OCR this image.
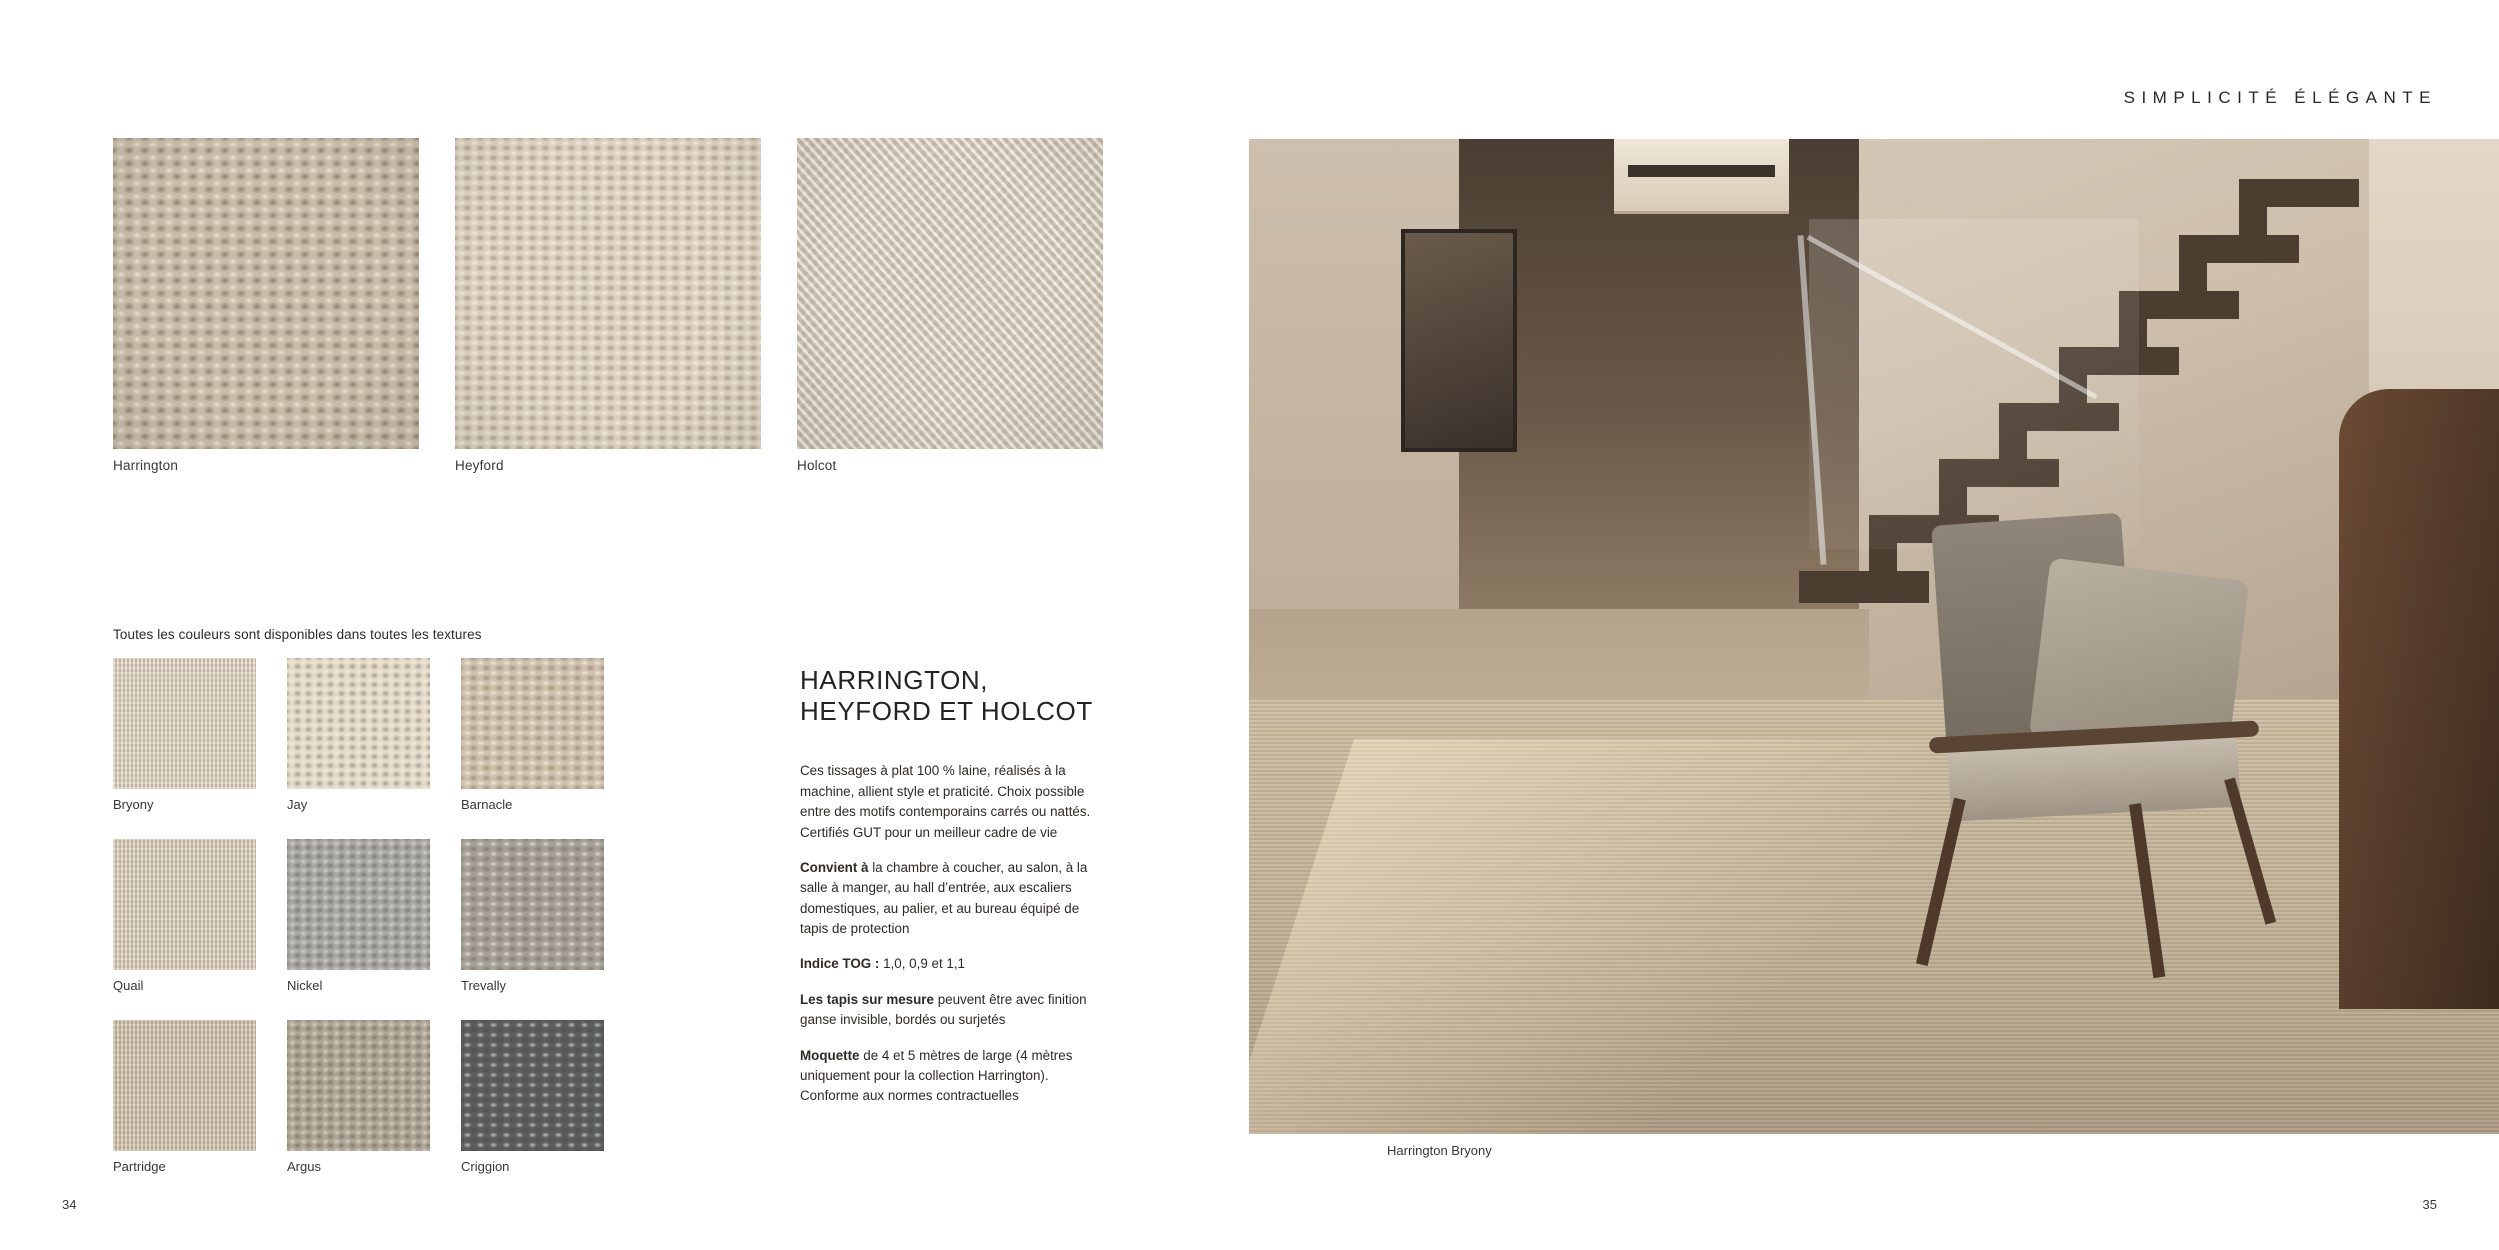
Harrington	Heyford	Holcot
Toutes les couleurs sont disponibles dans toutes les textures
Bryony	Jay	Barnacle
Quail	Nickel	Trevally
Partridge	Argus	Criggion
HARRINGTON, HEYFORD ET HOLCOT

Ces tissages à plat 100 % laine, réalisés à la machine, allient style et praticité. Choix possible entre des motifs contemporains carrés ou nattés. Certifiés GUT pour un meilleur cadre de vie

Convient à la chambre à coucher, au salon, à la salle à manger, au hall d’entrée, aux escaliers domestiques, au palier, et au bureau équipé de tapis de protection

Indice TOG : 1,0, 0,9 et 1,1

Les tapis sur mesure peuvent être avec finition ganse invisible, bordés ou surjetés

Moquette de 4 et 5 mètres de large (4 mètres uniquement pour la collection Harrington). Conforme aux normes contractuelles

34
SIMPLICITÉ ÉLÉGANTE
Harrington Bryony
35
